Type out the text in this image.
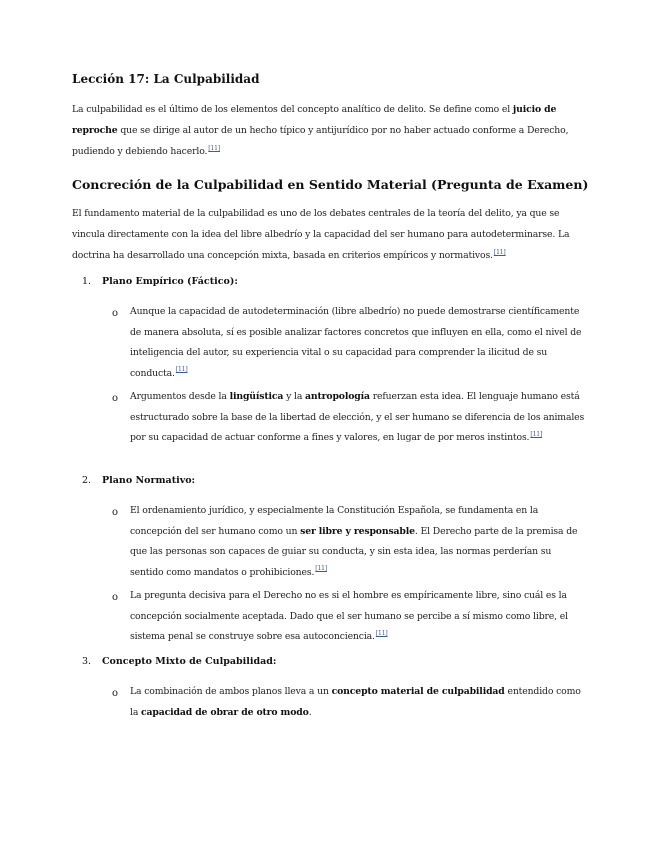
Lección 17: La Culpabilidad
La culpabilidad es el último de los elementos del concepto analítico de delito. Se define como el juicio de reproche que se dirige al autor de un hecho típico y antijurídico por no haber actuado conforme a Derecho, pudiendo y debiendo hacerlo.[11]
Concreción de la Culpabilidad en Sentido Material (Pregunta de Examen)
El fundamento material de la culpabilidad es uno de los debates centrales de la teoría del delito, ya que se vincula directamente con la idea del libre albedrío y la capacidad del ser humano para autodeterminarse. La doctrina ha desarrollado una concepción mixta, basada en criterios empíricos y normativos.[11]
1. Plano Empírico (Fáctico):
o Aunque la capacidad de autodeterminación (libre albedrío) no puede demostrarse científicamente de manera absoluta, sí es posible analizar factores concretos que influyen en ella, como el nivel de inteligencia del autor, su experiencia vital o su capacidad para comprender la ilicitud de su conducta.[11]
o Argumentos desde la lingüística y la antropología refuerzan esta idea. El lenguaje humano está estructurado sobre la base de la libertad de elección, y el ser humano se diferencia de los animales por su capacidad de actuar conforme a fines y valores, en lugar de por meros instintos.[11]
2. Plano Normativo:
o El ordenamiento jurídico, y especialmente la Constitución Española, se fundamenta en la concepción del ser humano como un ser libre y responsable. El Derecho parte de la premisa de que las personas son capaces de guiar su conducta, y sin esta idea, las normas perderían su sentido como mandatos o prohibiciones.[11]
o La pregunta decisiva para el Derecho no es si el hombre es empíricamente libre, sino cuál es la concepción socialmente aceptada. Dado que el ser humano se percibe a sí mismo como libre, el sistema penal se construye sobre esa autoconciencia.[11]
3. Concepto Mixto de Culpabilidad:
o La combinación de ambos planos lleva a un concepto material de culpabilidad entendido como la capacidad de obrar de otro modo.
